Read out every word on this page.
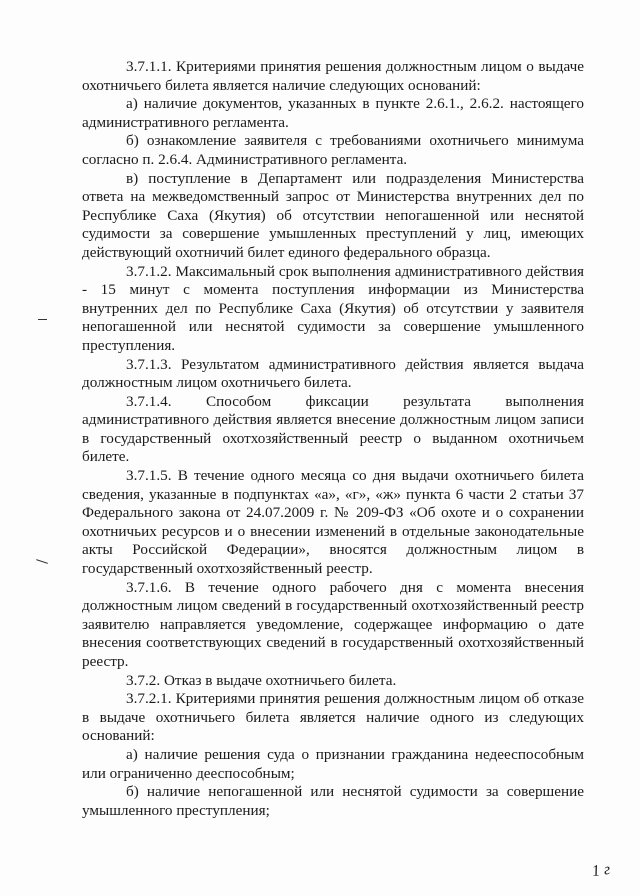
3.7.1.1. Критериями принятия решения должностным лицом о выдаче охотничьего билета является наличие следующих оснований:

а) наличие документов, указанных в пункте 2.6.1., 2.6.2. настоящего административного регламента.

б) ознакомление заявителя с требованиями охотничьего минимума согласно п. 2.6.4. Административного регламента.

в) поступление в Департамент или подразделения Министерства ответа на межведомственный запрос от Министерства внутренних дел по Республике Саха (Якутия) об отсутствии непогашенной или неснятой судимости за совершение умышленных преступлений у лиц, имеющих действующий охотничий билет единого федерального образца.

3.7.1.2. Максимальный срок выполнения административного действия - 15 минут с момента поступления информации из Министерства внутренних дел по Республике Саха (Якутия) об отсутствии у заявителя непогашенной или неснятой судимости за совершение умышленного преступления.

3.7.1.3. Результатом административного действия является выдача должностным лицом охотничьего билета.

3.7.1.4. Способом фиксации результата выполнения административного действия является внесение должностным лицом записи в государственный охотхозяйственный реестр о выданном охотничьем билете.

3.7.1.5. В течение одного месяца со дня выдачи охотничьего билета сведения, указанные в подпунктах «а», «г», «ж» пункта 6 части 2 статьи 37 Федерального закона от 24.07.2009 г. № 209-ФЗ «Об охоте и о сохранении охотничьих ресурсов и о внесении изменений в отдельные законодательные акты Российской Федерации», вносятся должностным лицом в государственный охотхозяйственный реестр.

3.7.1.6. В течение одного рабочего дня с момента внесения должностным лицом сведений в государственный охотхозяйственный реестр заявителю направляется уведомление, содержащее информацию о дате внесения соответствующих сведений в государственный охотхозяйственный реестр.

3.7.2. Отказ в выдаче охотничьего билета.

3.7.2.1. Критериями принятия решения должностным лицом об отказе в выдаче охотничьего билета является наличие одного из следующих оснований:

а) наличие решения суда о признании гражданина недееспособным или ограниченно дееспособным;

б) наличие непогашенной или неснятой судимости за совершение умышленного преступления;

1 г
